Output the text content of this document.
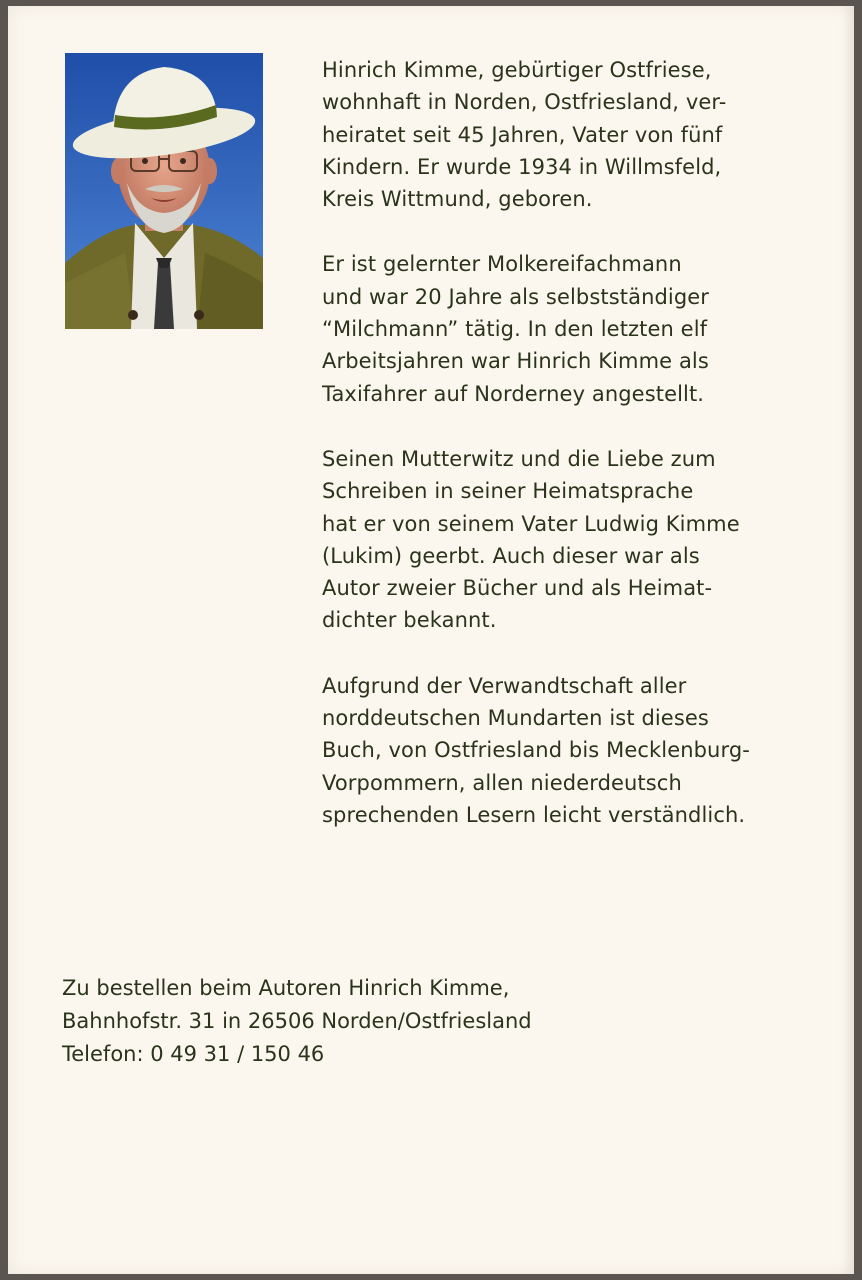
Hinrich Kimme, gebürtiger Ostfriese,
wohnhaft in Norden, Ostfriesland, ver-
heiratet seit 45 Jahren, Vater von fünf
Kindern. Er wurde 1934 in Willmsfeld,
Kreis Wittmund, geboren.

Er ist gelernter Molkereifachmann
und war 20 Jahre als selbstständiger
“Milchmann” tätig. In den letzten elf
Arbeitsjahren war Hinrich Kimme als
Taxifahrer auf Norderney angestellt.

Seinen Mutterwitz und die Liebe zum
Schreiben in seiner Heimatsprache
hat er von seinem Vater Ludwig Kimme
(Lukim) geerbt. Auch dieser war als
Autor zweier Bücher und als Heimat-
dichter bekannt.

Aufgrund der Verwandtschaft aller
norddeutschen Mundarten ist dieses
Buch, von Ostfriesland bis Mecklenburg-
Vorpommern, allen niederdeutsch
sprechenden Lesern leicht verständlich.

Zu bestellen beim Autoren Hinrich Kimme,
Bahnhofstr. 31 in 26506 Norden/Ostfriesland
Telefon: 0 49 31 / 150 46
